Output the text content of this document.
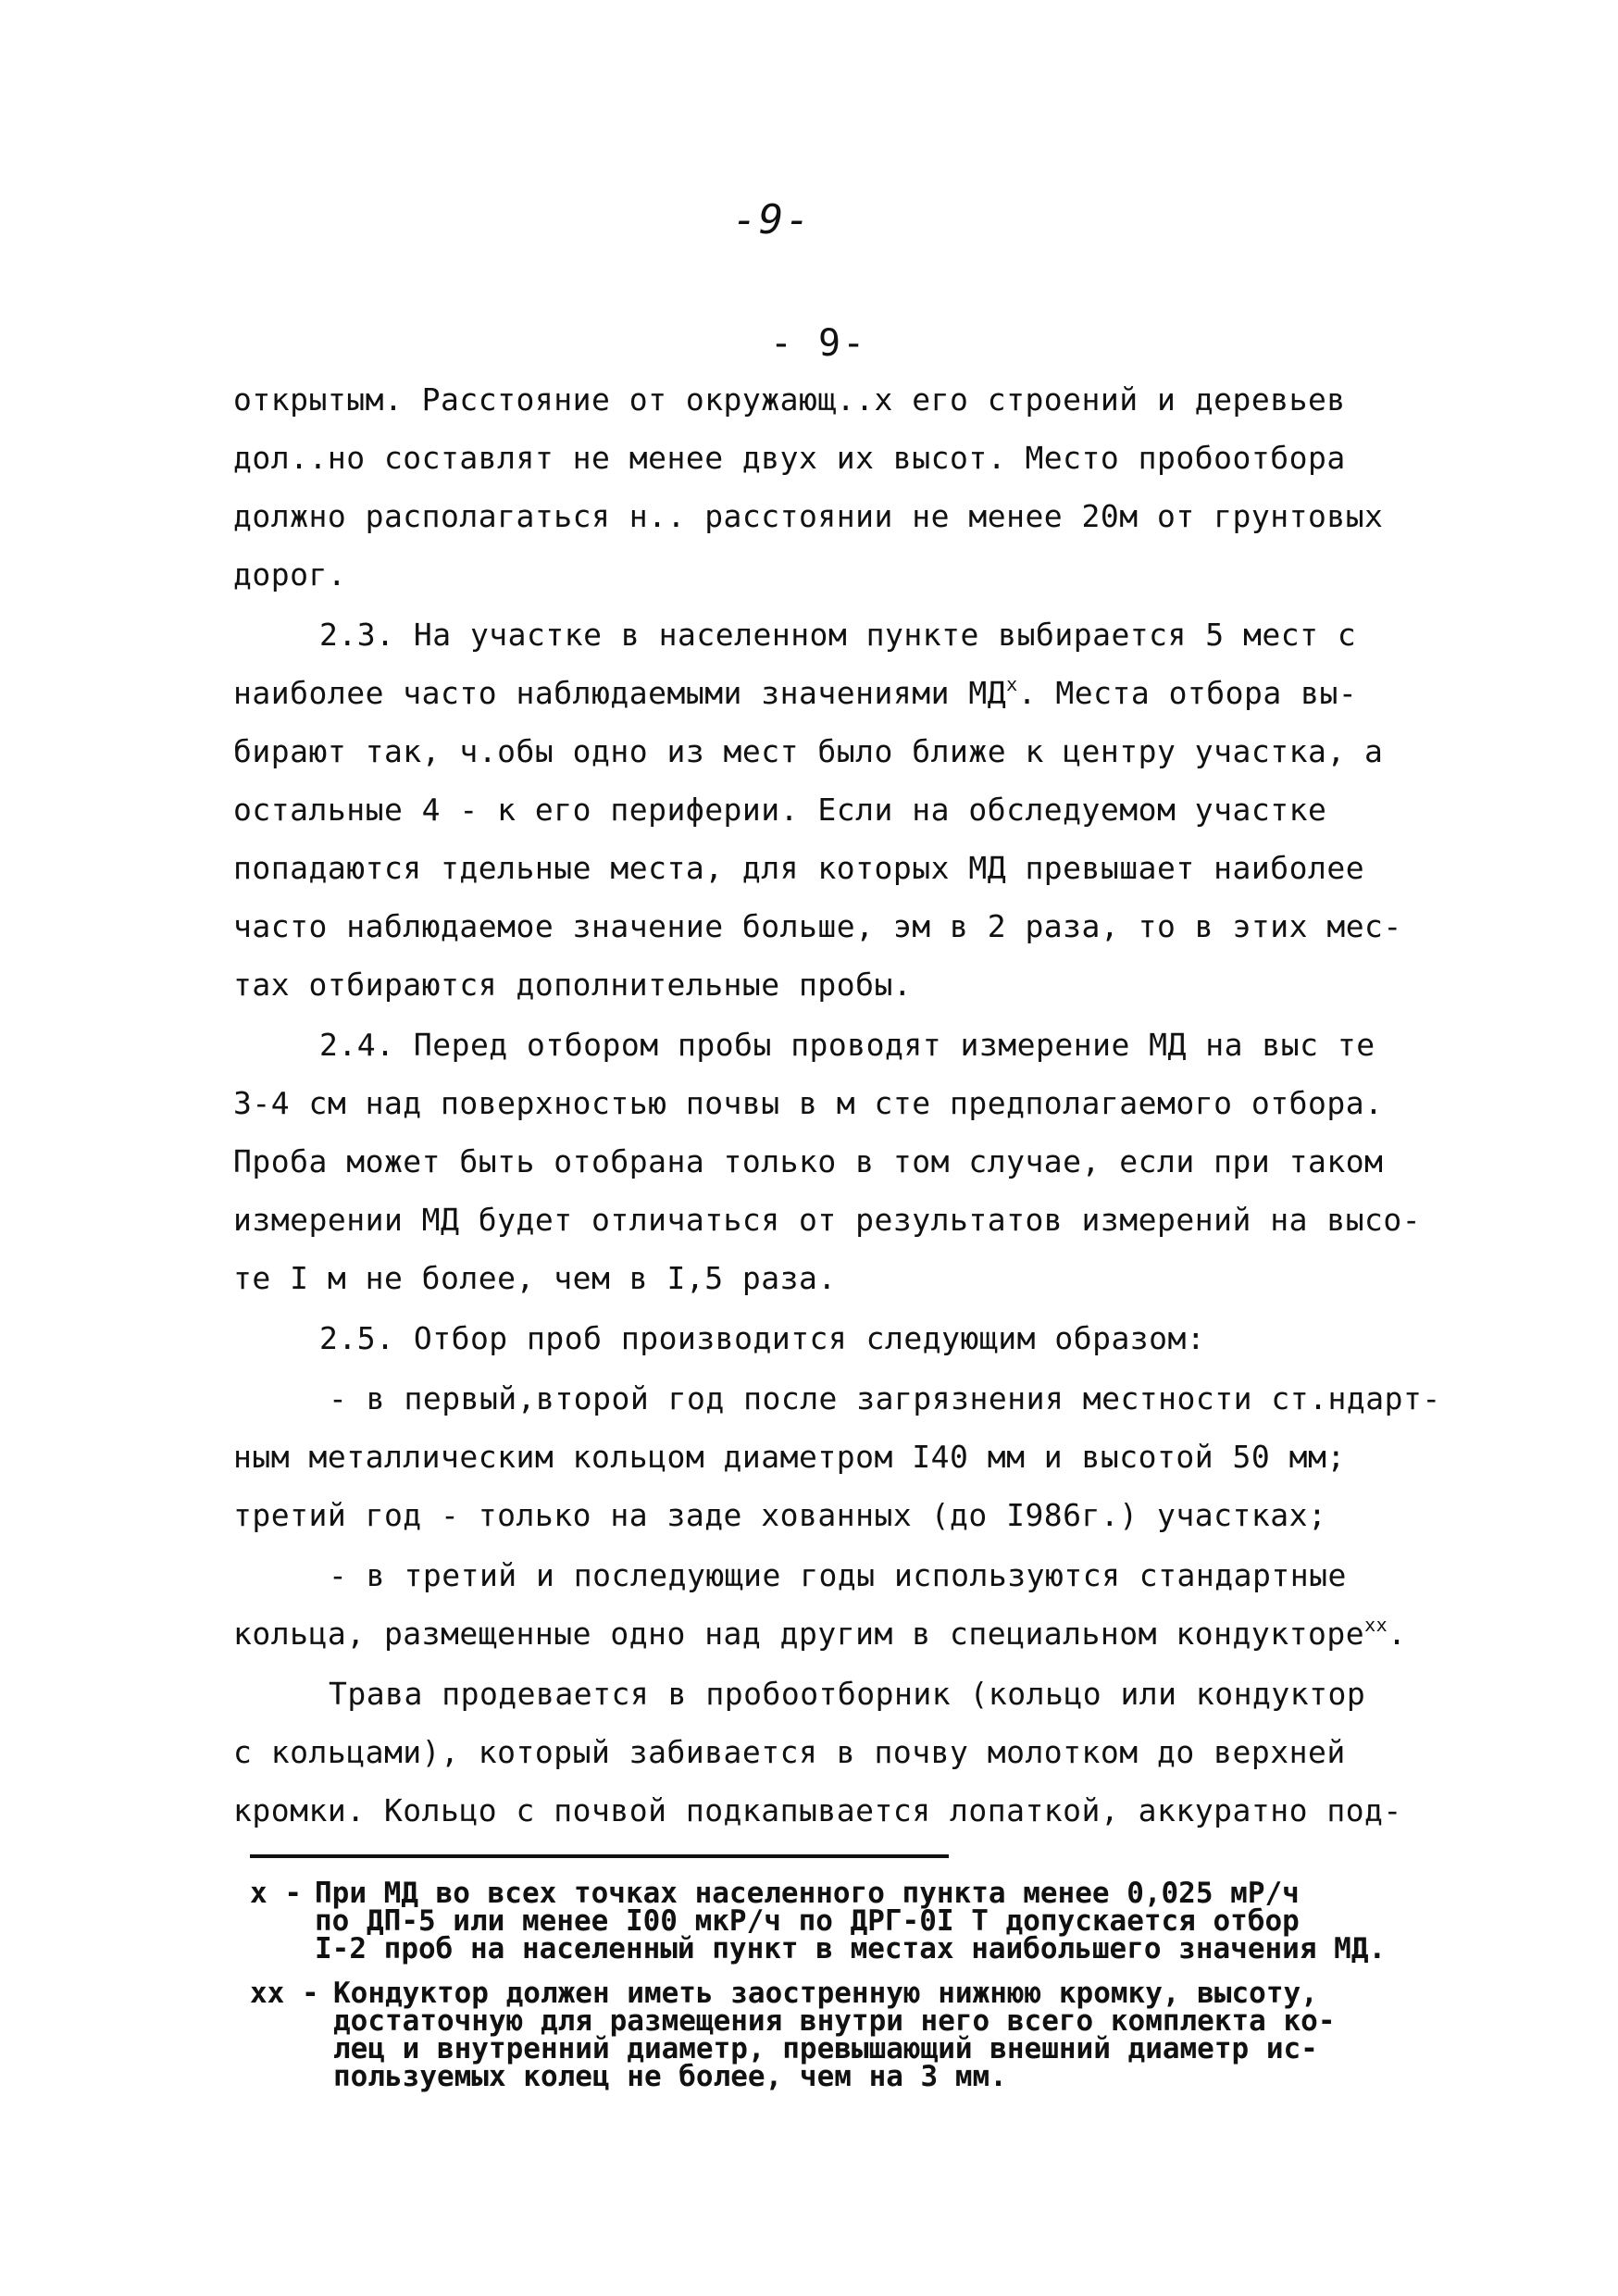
-9-
- 9-
открытым. Расстояние от окружающ..х его строений и деревьев
дол..но составлят не менее двух их высот. Место пробоотбора
должно располагаться н.. расстоянии не менее 20м от грунтовых
дорог.
2.3. На участке в населенном пункте выбирается 5 мест с
наиболее часто наблюдаемыми значениями $МД^x$. Места отбора вы-
бирают так, ч.обы одно из мест было ближе к центру участка, а
остальные 4 - к его периферии. Если на обследуемом участке
попадаются тдельные места, для которых МД превышает наиболее
часто наблюдаемое значение больше, эм в 2 раза, то в этих мес-
тах отбираются дополнительные пробы.
2.4. Перед отбором пробы проводят измерение МД на выс те
3-4 см над поверхностью почвы в м сте предполагаемого отбора.
Проба может быть отобрана только в том случае, если при таком
измерении МД будет отличаться от результатов измерений на высо-
те I м не более, чем в I,5 раза.
2.5. Отбор проб производится следующим образом:
- в первый,второй год после загрязнения местности ст.ндарт-
ным металлическим кольцом диаметром I40 мм и высотой 50 мм;
третий год - только на заде хованных (до I986г.) участках;
- в третий и последующие годы используются стандартные
кольца, размещенные одно над другим в специальном кондукторе$^{xx}$.
Трава продевается в пробоотборник (кольцо или кондуктор
с кольцами), который забивается в почву молотком до верхней
кромки. Кольцо с почвой подкапывается лопаткой, аккуратно под-
x - При МД во всех точках населенного пункта менее 0,025 мР/ч
по ДП-5 или менее I00 мкР/ч по ДРГ-0I Т допускается отбор
I-2 проб на населенный пункт в местах наибольшего значения МД.
xx - Кондуктор должен иметь заостренную нижнюю кромку, высоту,
достаточную для размещения внутри него всего комплекта ко-
лец и внутренний диаметр, превышающий внешний диаметр ис-
пользуемых колец не более, чем на 3 мм.
